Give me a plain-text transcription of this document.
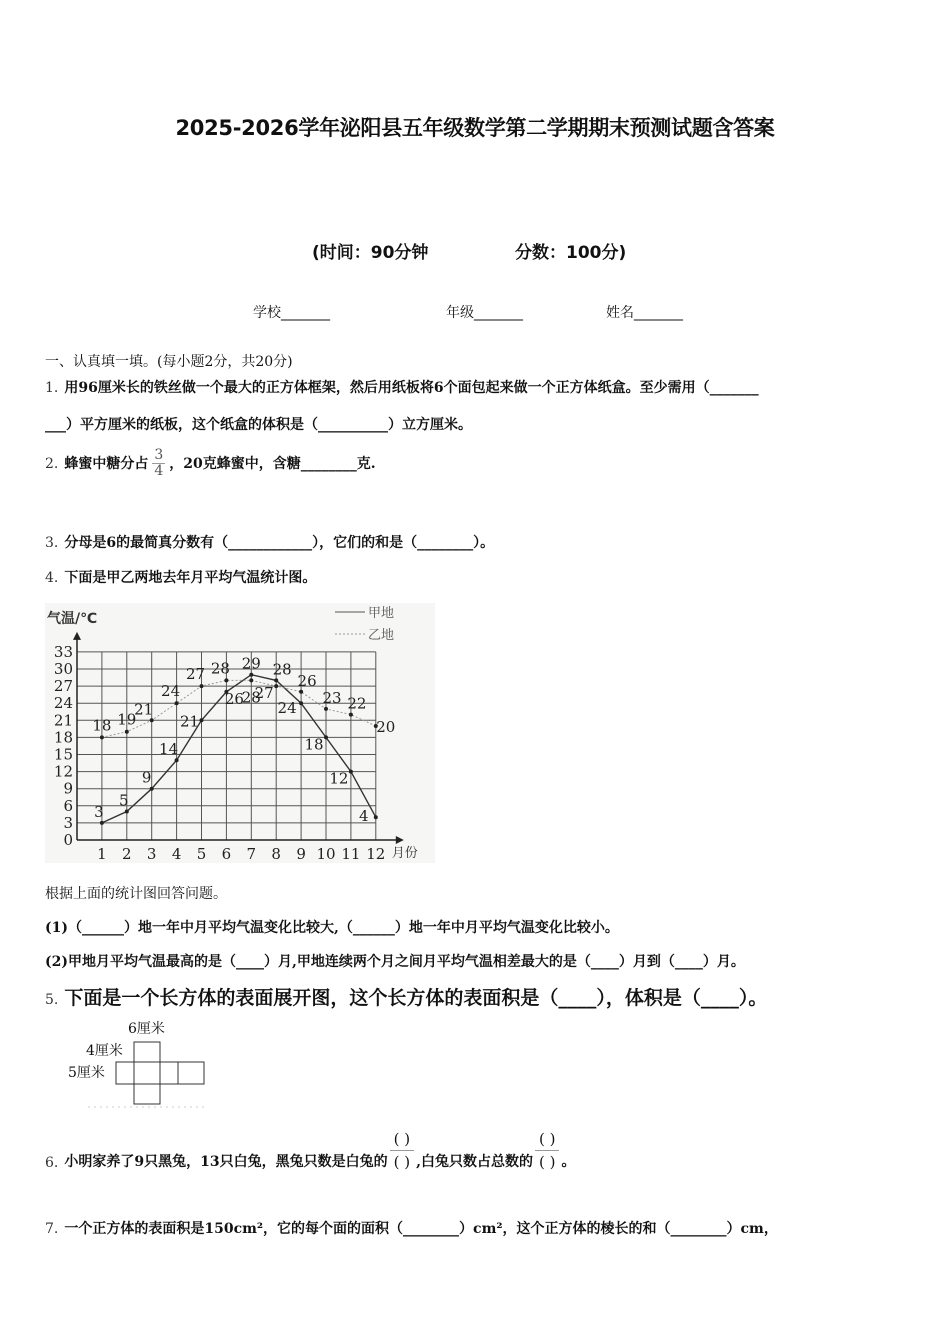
2025-2026学年泌阳县五年级数学第二学期期末预测试题含答案
(时间：90分钟	分数：100分)
学校_______	年级_______	姓名_______
一、认真填一填。(每小题2分，共20分)
1. 用96厘米长的铁丝做一个最大的正方体框架，然后用纸板将6个面包起来做一个正方体纸盒。至少需用（_______
___）平方厘米的纸板，这个纸盒的体积是（__________）立方厘米。
2. 蜂蜜中糖分占 $\frac{3}{4}$ ，20克蜂蜜中，含糖________克.
3. 分母是6的最简真分数有（____________），它们的和是（________）。
4. 下面是甲乙两地去年月平均气温统计图。
0
3
6
9
12
15
18
21
24
27
30
33
1 2 3 4 5 6 7 8 9 10 11 12 月份
气温/℃	甲地
乙地
3
5
9
14
21
26
29 28
24
18
12
4
18 19
21
24
27 28
28
27
26
23 22
20
根据上面的统计图回答问题。
(1)（______）地一年中月平均气温变化比较大,（______）地一年中月平均气温变化比较小。
(2)甲地月平均气温最高的是（____）月,甲地连续两个月之间月平均气温相差最大的是（____）月到（____）月。
5. 下面是一个长方体的表面展开图，这个长方体的表面积是（____），体积是（____）。
6厘米
4厘米
5厘米
6. 小明家养了9只黑兔，13只白兔，黑兔只数是白兔的
( )
( ) ,白兔只数占总数的
( )
( ) 。
7. 一个正方体的表面积是150cm²，它的每个面的面积（________）cm²，这个正方体的棱长的和（________）cm，
